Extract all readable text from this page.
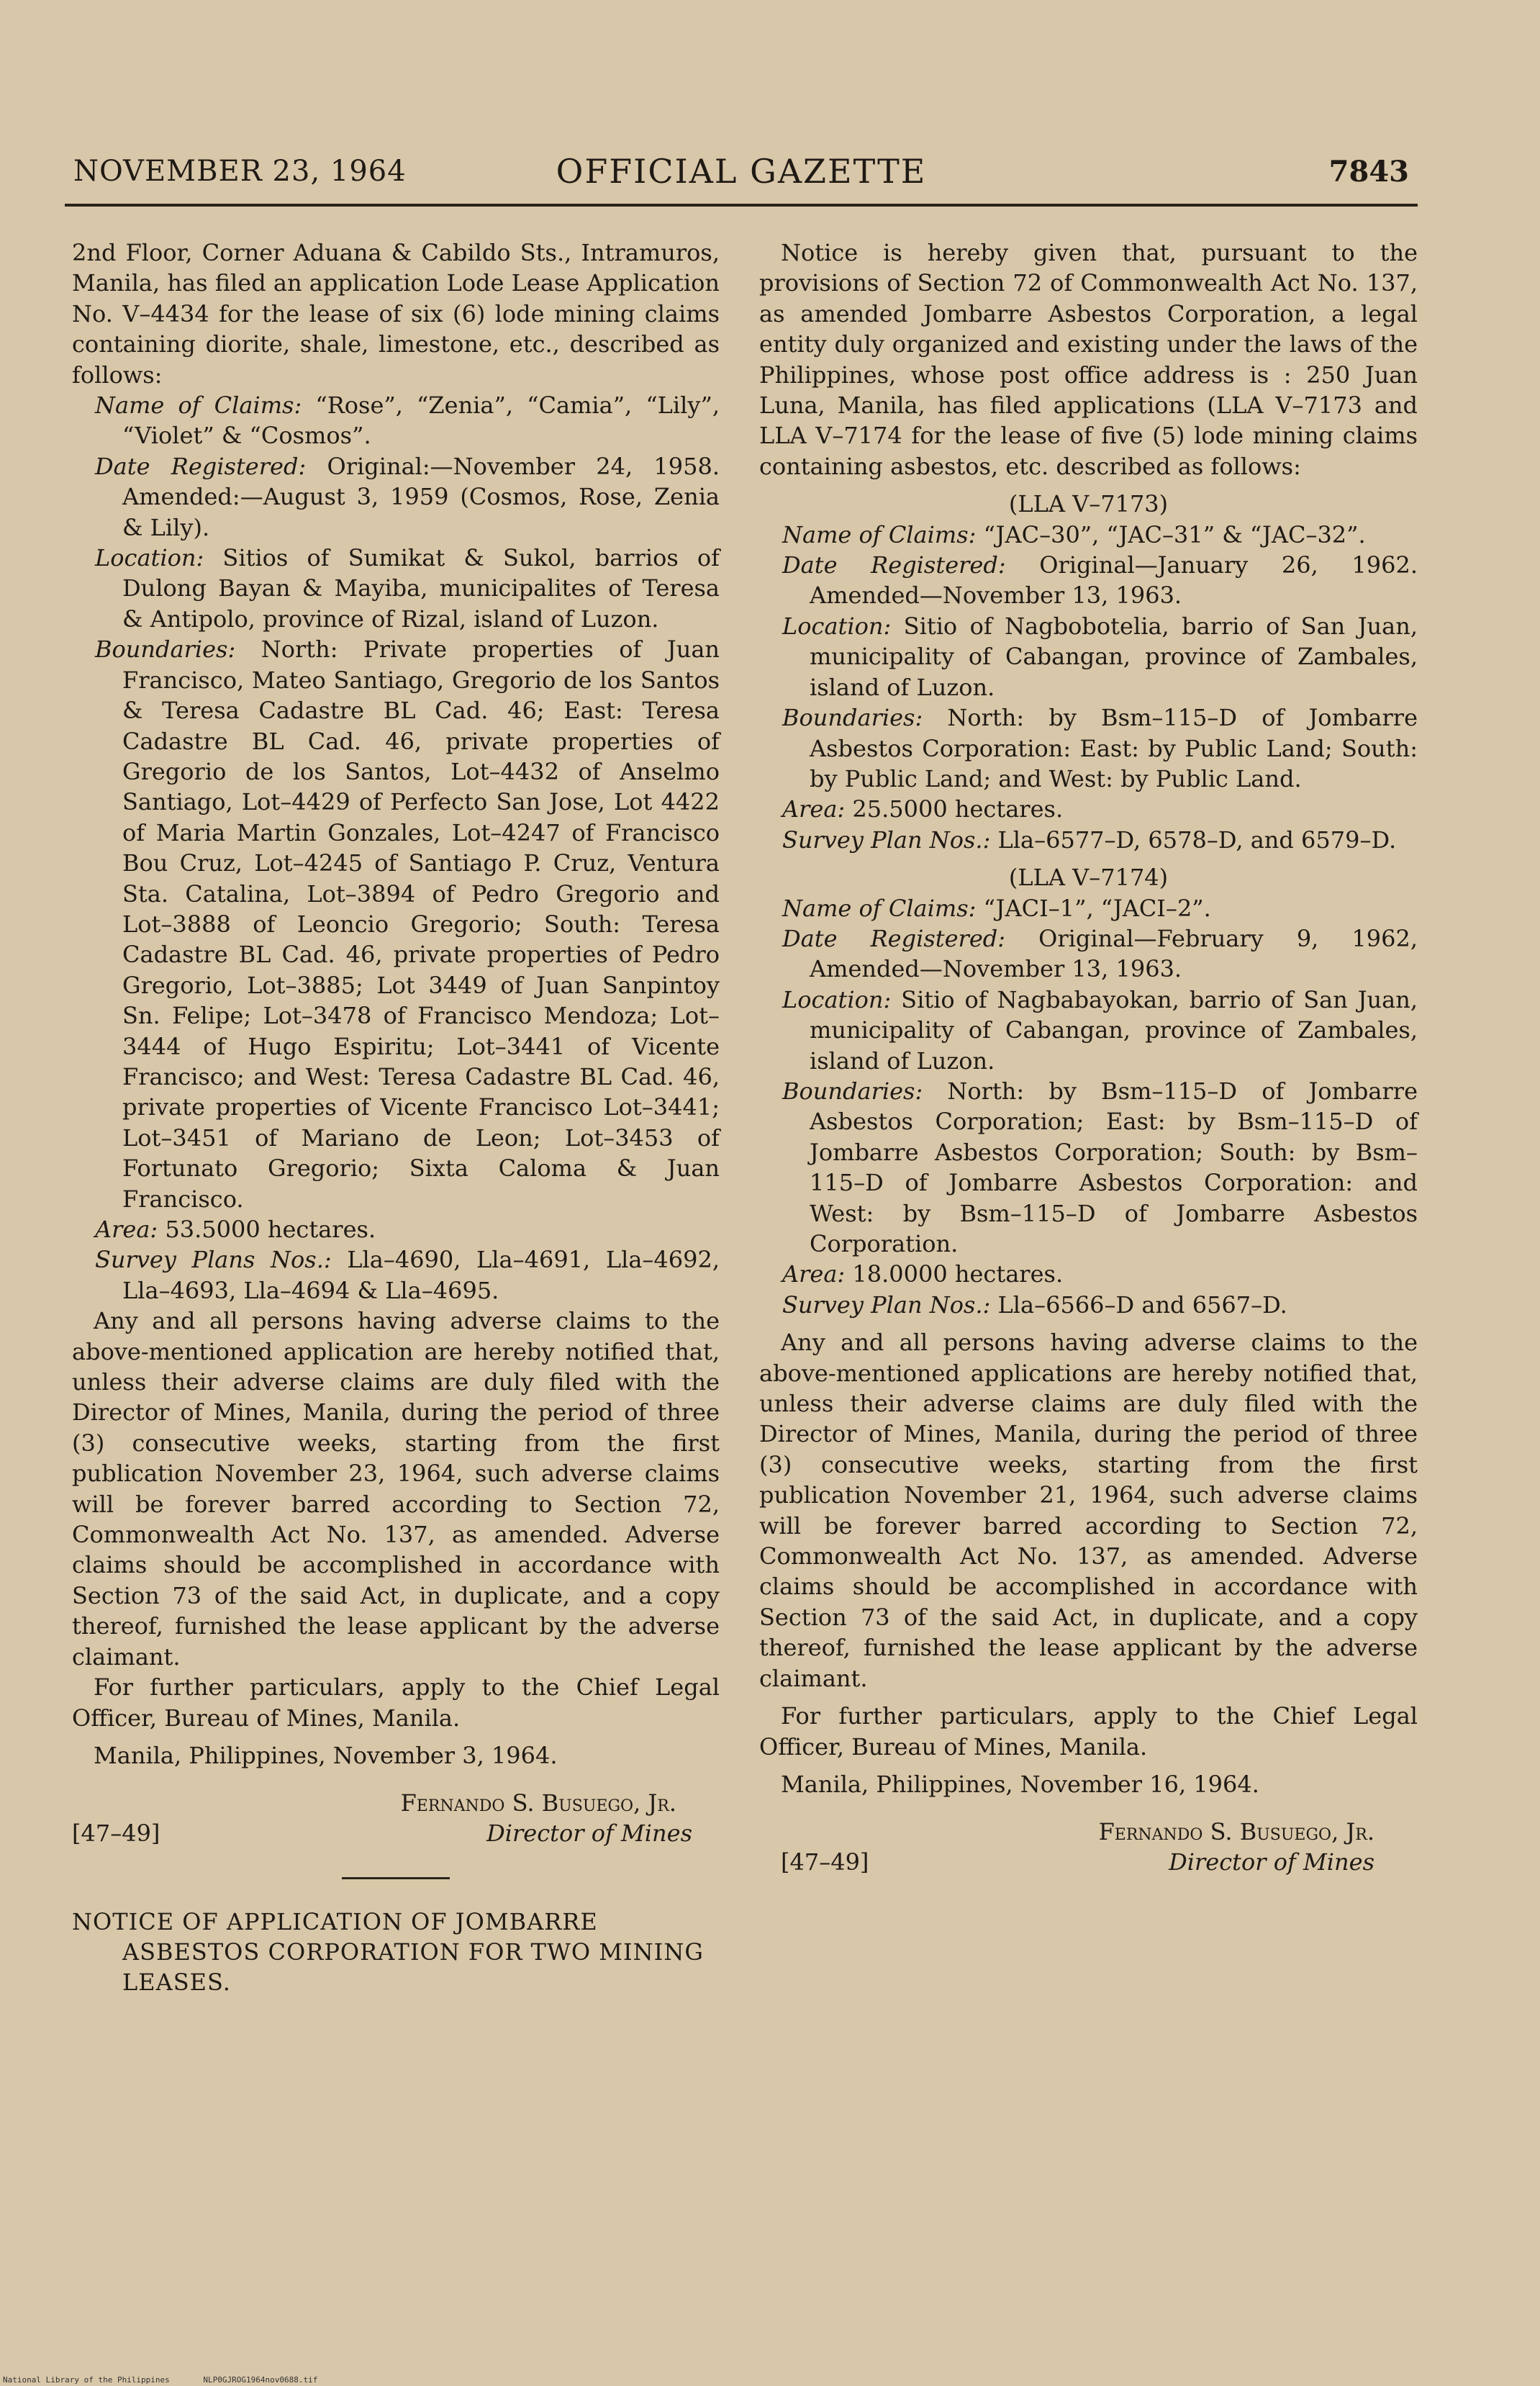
NOVEMBER 23, 1964	OFFICIAL GAZETTE	7843

2nd Floor, Corner Aduana & Cabildo Sts., Intramuros, Manila, has filed an application Lode Lease Application No. V–4434 for the lease of six (6) lode mining claims containing diorite, shale, limestone, etc., described as follows:

Name of Claims: “Rose”, “Zenia”, “Camia”, “Lily”, “Violet” & “Cosmos”.

Date Registered: Original:—November 24, 1958. Amended:—August 3, 1959 (Cosmos, Rose, Zenia & Lily).

Location: Sitios of Sumikat & Sukol, barrios of Dulong Bayan & Mayiba, municipalites of Teresa & Antipolo, province of Rizal, island of Luzon.

Boundaries: North: Private properties of Juan Francisco, Mateo Santiago, Gregorio de los Santos & Teresa Cadastre BL Cad. 46; East: Teresa Cadastre BL Cad. 46, private properties of Gregorio de los Santos, Lot–4432 of Anselmo Santiago, Lot–4429 of Perfecto San Jose, Lot 4422 of Maria Martin Gonzales, Lot–4247 of Francisco Bou Cruz, Lot–4245 of Santiago P. Cruz, Ventura Sta. Catalina, Lot–3894 of Pedro Gregorio and Lot–3888 of Leoncio Gregorio; South: Teresa Cadastre BL Cad. 46, private properties of Pedro Gregorio, Lot–3885; Lot 3449 of Juan Sanpintoy Sn. Felipe; Lot–3478 of Francisco Mendoza; Lot–3444 of Hugo Espiritu; Lot–3441 of Vicente Francisco; and West: Teresa Cadastre BL Cad. 46, private properties of Vicente Francisco Lot–3441; Lot–3451 of Mariano de Leon; Lot–3453 of Fortunato Gregorio; Sixta Caloma & Juan Francisco.

Area: 53.5000 hectares.

Survey Plans Nos.: Lla–4690, Lla–4691, Lla–4692, Lla–4693, Lla–4694 & Lla–4695.

Any and all persons having adverse claims to the above-mentioned application are hereby notified that, unless their adverse claims are duly filed with the Director of Mines, Manila, during the period of three (3) consecutive weeks, starting from the first publication November 23, 1964, such adverse claims will be forever barred according to Section 72, Commonwealth Act No. 137, as amended. Adverse claims should be accomplished in accordance with Section 73 of the said Act, in duplicate, and a copy thereof, furnished the lease applicant by the adverse claimant.

For further particulars, apply to the Chief Legal Officer, Bureau of Mines, Manila.

Manila, Philippines, November 3, 1964.

Fernando S. Busuego, Jr.
[47–49]	Director of Mines

NOTICE OF APPLICATION OF JOMBARRE ASBESTOS CORPORATION FOR TWO MINING LEASES.

Notice is hereby given that, pursuant to the provisions of Section 72 of Commonwealth Act No. 137, as amended Jombarre Asbestos Corporation, a legal entity duly organized and existing under the laws of the Philippines, whose post office address is : 250 Juan Luna, Manila, has filed applications (LLA V–7173 and LLA V–7174 for the lease of five (5) lode mining claims containing asbestos, etc. described as follows:

(LLA V–7173)

Name of Claims: “JAC–30”, “JAC–31” & “JAC–32”.

Date Registered: Original—January 26, 1962. Amended—November 13, 1963.

Location: Sitio of Nagbobotelia, barrio of San Juan, municipality of Cabangan, province of Zambales, island of Luzon.

Boundaries: North: by Bsm–115–D of Jombarre Asbestos Corporation: East: by Public Land; South: by Public Land; and West: by Public Land.

Area: 25.5000 hectares.

Survey Plan Nos.: Lla–6577–D, 6578–D, and 6579–D.

(LLA V–7174)

Name of Claims: “JACI–1”, “JACI–2”.

Date Registered: Original—February 9, 1962, Amended—November 13, 1963.

Location: Sitio of Nagbabayokan, barrio of San Juan, municipality of Cabangan, province of Zambales, island of Luzon.

Boundaries: North: by Bsm–115–D of Jombarre Asbestos Corporation; East: by Bsm–115–D of Jombarre Asbestos Corporation; South: by Bsm–115–D of Jombarre Asbestos Corporation: and West: by Bsm–115–D of Jombarre Asbestos Corporation.

Area: 18.0000 hectares.

Survey Plan Nos.: Lla–6566–D and 6567–D.

Any and all persons having adverse claims to the above-mentioned applications are hereby notified that, unless their adverse claims are duly filed with the Director of Mines, Manila, during the period of three (3) consecutive weeks, starting from the first publication November 21, 1964, such adverse claims will be forever barred according to Section 72, Commonwealth Act No. 137, as amended. Adverse claims should be accomplished in accordance with Section 73 of the said Act, in duplicate, and a copy thereof, furnished the lease applicant by the adverse claimant.

For further particulars, apply to the Chief Legal Officer, Bureau of Mines, Manila.

Manila, Philippines, November 16, 1964.

Fernando S. Busuego, Jr.
[47–49]	Director of Mines
National Library of the Philippines	NLP0GJROG1964nov0688.tif
